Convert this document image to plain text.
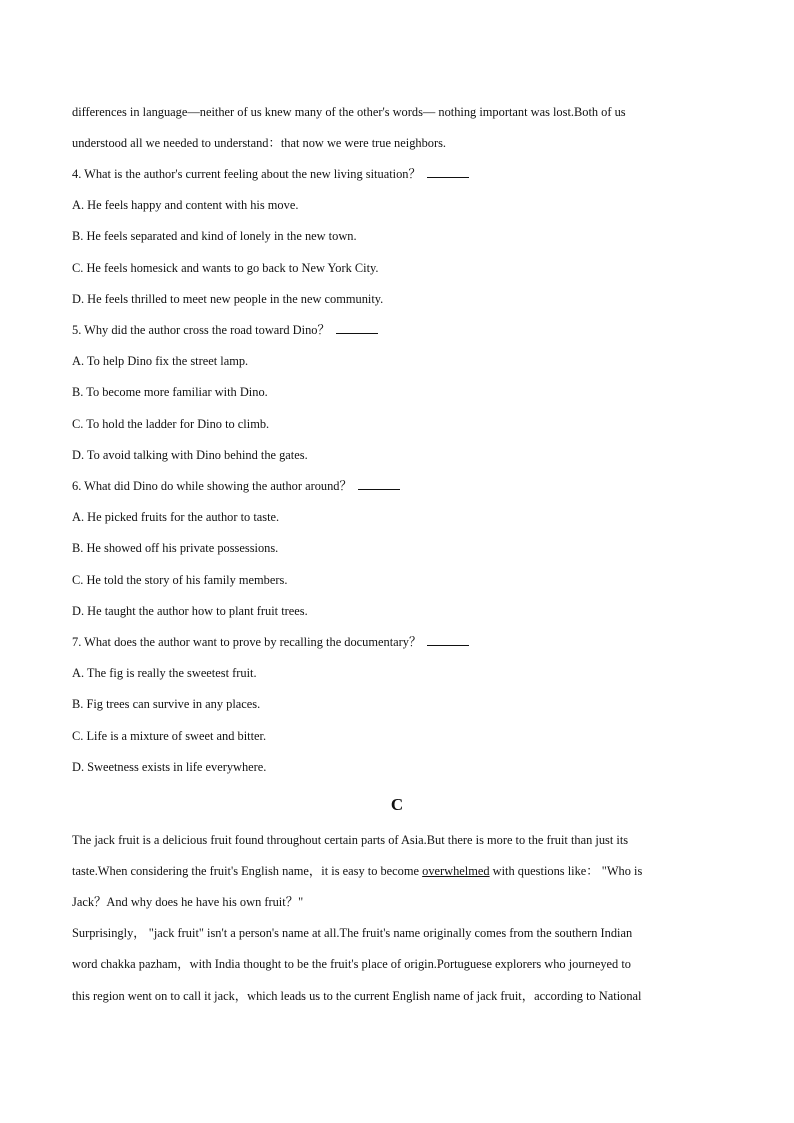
differences in language—neither of us knew many of the other's words— nothing important was lost.Both of us
understood all we needed to understand：that now we were true neighbors.
4. What is the author's current feeling about the new living situation？
A. He feels happy and content with his move.
B. He feels separated and kind of lonely in the new town.
C. He feels homesick and wants to go back to New York City.
D. He feels thrilled to meet new people in the new community.
5. Why did the author cross the road toward Dino？
A. To help Dino fix the street lamp.
B. To become more familiar with Dino.
C. To hold the ladder for Dino to climb.
D. To avoid talking with Dino behind the gates.
6. What did Dino do while showing the author around？
A. He picked fruits for the author to taste.
B. He showed off his private possessions.
C. He told the story of his family members.
D. He taught the author how to plant fruit trees.
7. What does the author want to prove by recalling the documentary？
A. The fig is really the sweetest fruit.
B. Fig trees can survive in any places.
C. Life is a mixture of sweet and bitter.
D. Sweetness exists in life everywhere.
C
The jack fruit is a delicious fruit found throughout certain parts of Asia.But there is more to the fruit than just its
taste.When considering the fruit's English name，it is easy to become overwhelmed with questions like： "Who is
Jack？And why does he have his own fruit？"
Surprisingly， "jack fruit" isn't a person's name at all.The fruit's name originally comes from the southern Indian
word chakka pazham，with India thought to be the fruit's place of origin.Portuguese explorers who journeyed to
this region went on to call it jack，which leads us to the current English name of jack fruit，according to National
